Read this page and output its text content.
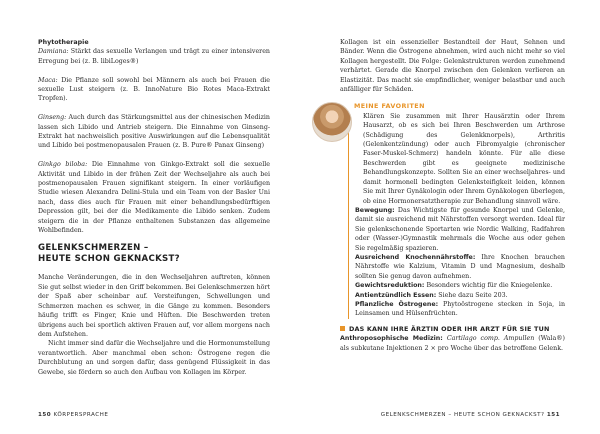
Phytotherapie

Damiana: Stärkt das sexuelle Verlangen und trägt zu einer intensiveren Erregung bei (z. B. libiLoges®)

Maca: Die Pflanze soll sowohl bei Männern als auch bei Frauen die sexuelle Lust steigern (z. B. InnoNature Bio Rotes Maca-Extrakt Tropfen).

Ginseng: Auch durch das Stärkungsmittel aus der chinesischen Medizin lassen sich Libido und Antrieb steigern. Die Einnahme von Ginseng-Extrakt hat nachweislich positive Auswirkungen auf die Lebensqualität und Libido bei postmenopausalen Frauen (z. B. Pure® Panax Ginseng)

Ginkgo biloba: Die Einnahme von Ginkgo-Extrakt soll die sexuelle Aktivität und Libido in der frühen Zeit der Wechseljahre als auch bei postmenopausalen Frauen signifikant steigern. In einer vorläufigen Studie wiesen Alexandra Delini-Stula und ein Team von der Basler Uni nach, dass dies auch für Frauen mit einer behandlungsbedürftigen Depression gilt, bei der die Medikamente die Libido senken. Zudem steigern die in der Pflanze enthaltenen Substanzen das allgemeine Wohlbefinden.

GELENKSCHMERZEN –
HEUTE SCHON GEKNACKST?

Manche Veränderungen, die in den Wechseljahren auftreten, können Sie gut selbst wieder in den Griff bekommen. Bei Gelenkschmerzen hört der Spaß aber scheinbar auf. Versteifungen, Schwellungen und Schmerzen machen es schwer, in die Gänge zu kommen. Besonders häufig trifft es Finger, Knie und Hüften. Die Beschwerden treten übrigens auch bei sportlich aktiven Frauen auf, vor allem morgens nach dem Aufstehen.

Nicht immer sind dafür die Wechseljahre und die Hormonumstellung verantwortlich. Aber manchmal eben schon: Östrogene regen die Durchblutung an und sorgen dafür, dass genügend Flüssigkeit in das Gewebe, sie fördern so auch den Aufbau von Kollagen im Körper.

150 KÖRPERSPRACHE

Kollagen ist ein essenzieller Bestandteil der Haut, Sehnen und Bänder. Wenn die Östrogene abnehmen, wird auch nicht mehr so viel Kollagen hergestellt. Die Folge: Gelenkstrukturen werden zunehmend verhärtet. Gerade die Knorpel zwischen den Gelenken verlieren an Elastizität. Das macht sie empfindlicher, weniger belastbar und auch anfälliger für Schäden.

MEINE FAVORITEN

Klären Sie zusammen mit Ihrer Hausärztin oder Ihrem Hausarzt, ob es sich bei Ihren Beschwerden um Arthrose (Schädigung des Gelenkknorpels), Arthritis (Gelenkentzündung) oder auch Fibromyalgie (chronischer Faser-Muskel-Schmerz) handeln könnte. Für alle diese Beschwerden gibt es geeignete medizinische Behandlungskonzepte. Sollten Sie an einer wechseljahres- und damit hormonell bedingten Gelenksteifigkeit leiden, können Sie mit Ihrer Gynäkologin oder Ihrem Gynäkologen überlegen, ob eine Hormonersatztherapie zur Behandlung sinnvoll wäre.

Bewegung: Das Wichtigste für gesunde Knorpel und Gelenke, damit sie ausreichend mit Nährstoffen versorgt werden. Ideal für Sie gelenkschonende Sportarten wie Nordic Walking, Radfahren oder (Wasser-)Gymnastik mehrmals die Woche aus oder gehen Sie regelmäßig spazieren.

Ausreichend Knochennährstoffe: Ihre Knochen brauchen Nährstoffe wie Kalzium, Vitamin D und Magnesium, deshalb sollten Sie genug davon aufnehmen.

Gewichtsreduktion: Besonders wichtig für die Kniegelenke.

Antientzündlich Essen: Siehe dazu Seite 203.

Pflanzliche Östrogene: Phytoöstrogene stecken in Soja, in Leinsamen und Hülsenfrüchten.

DAS KANN IHRE ÄRZTIN ODER IHR ARZT FÜR SIE TUN

Anthroposophische Medizin: Cartilago comp. Ampullen (Wala®) als subkutane Injektionen 2 × pro Woche über das betroffene Gelenk.

GELENKSCHMERZEN – HEUTE SCHON GEKNACKST? 151
